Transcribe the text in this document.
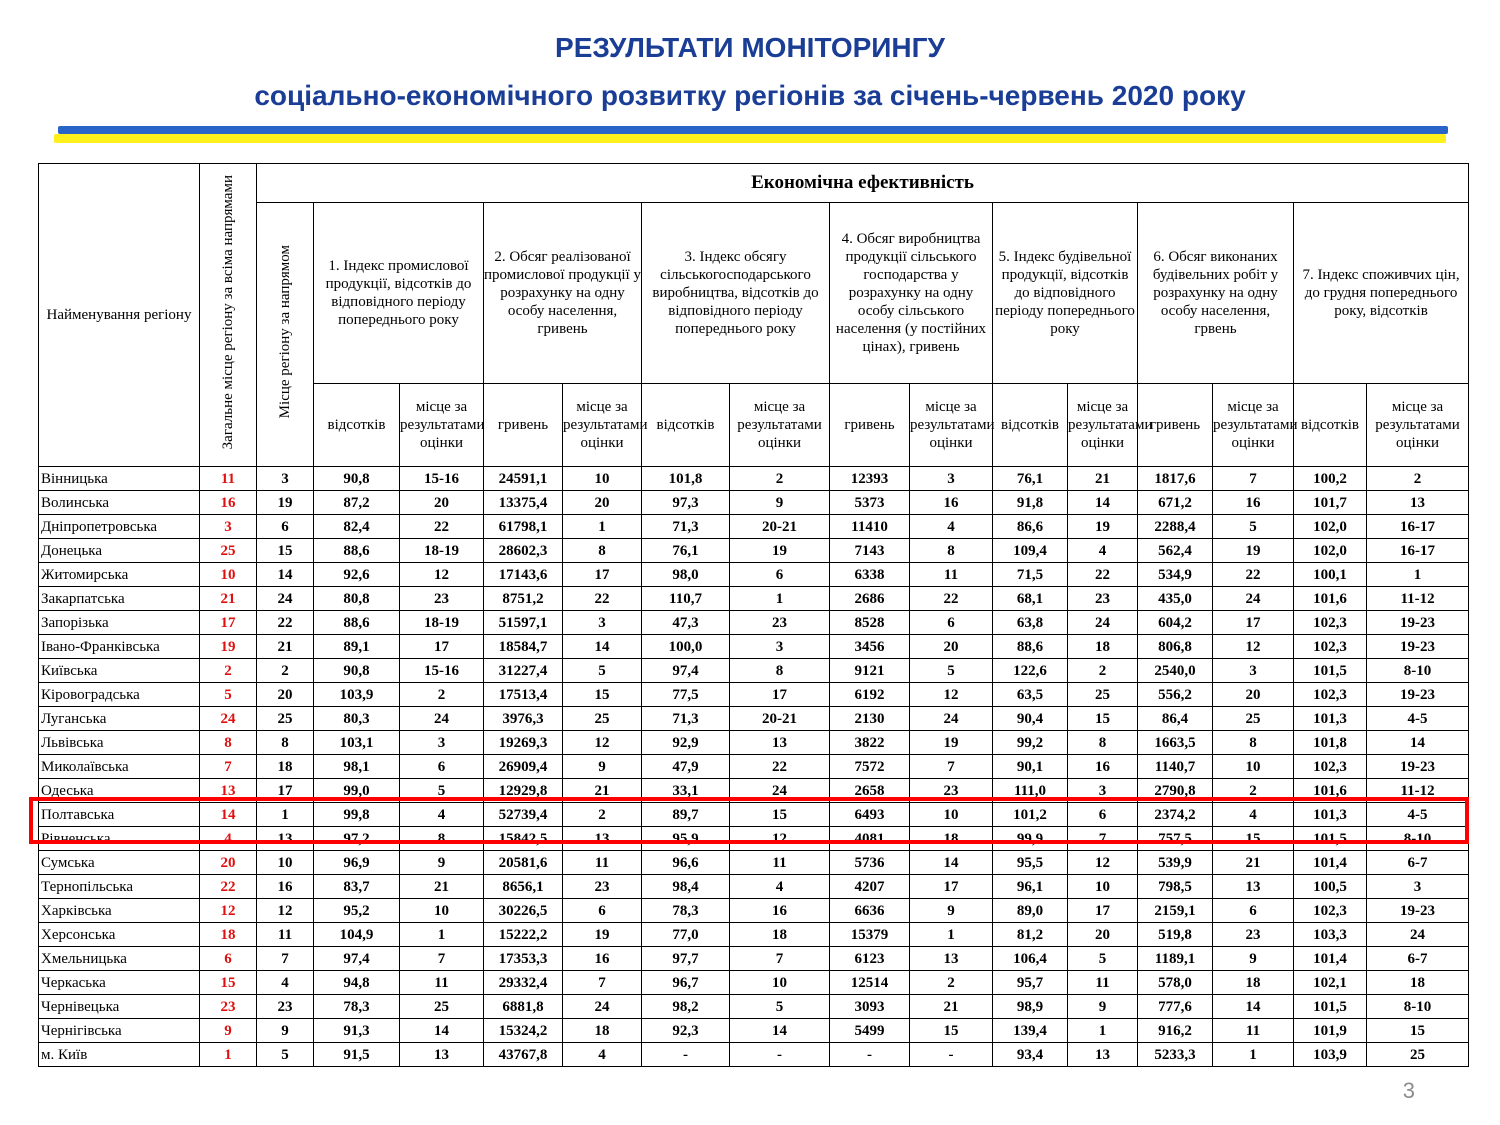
РЕЗУЛЬТАТИ МОНІТОРИНГУ
соціально-економічного розвитку регіонів за січень-червень 2020 року
Найменування регіону	Загальне місце регіону за всіма напрямами	Економічна ефективність														
		Місце регіону за напрямом	1. Індекс промислової продукції, відсотків до відповідного періоду попереднього року		2. Обсяг реалізованої промислової продукції у розрахунку на одну особу населення, гривень		3. Індекс обсягу сільськогосподарського виробництва, відсотків до відповідного періоду попереднього року		4. Обсяг виробництва продукції сільського господарства у розрахунку на одну особу сільського населення (у постійних цінах), гривень		5. Індекс будівельної продукції, відсотків до відповідного періоду попереднього року		6. Обсяг виконаних будівельних робіт у розрахунку на одну особу населення, грвень		7. Індекс споживчих цін, до грудня попереднього року, відсотків	
			відсотків	місце за результатами оцінки	гривень	місце за результатами оцінки	відсотків	місце за результатами оцінки	гривень	місце за результатами оцінки	відсотків	місце за результатами оцінки	гривень	місце за результатами оцінки	відсотків	місце за результатами оцінки
Вінницька	11	3	90,8	15-16	24591,1	10	101,8	2	12393	3	76,1	21	1817,6	7	100,2	2
Волинська	16	19	87,2	20	13375,4	20	97,3	9	5373	16	91,8	14	671,2	16	101,7	13
Дніпропетровська	3	6	82,4	22	61798,1	1	71,3	20-21	11410	4	86,6	19	2288,4	5	102,0	16-17
Донецька	25	15	88,6	18-19	28602,3	8	76,1	19	7143	8	109,4	4	562,4	19	102,0	16-17
Житомирська	10	14	92,6	12	17143,6	17	98,0	6	6338	11	71,5	22	534,9	22	100,1	1
Закарпатська	21	24	80,8	23	8751,2	22	110,7	1	2686	22	68,1	23	435,0	24	101,6	11-12
Запорізька	17	22	88,6	18-19	51597,1	3	47,3	23	8528	6	63,8	24	604,2	17	102,3	19-23
Івано-Франківська	19	21	89,1	17	18584,7	14	100,0	3	3456	20	88,6	18	806,8	12	102,3	19-23
Київська	2	2	90,8	15-16	31227,4	5	97,4	8	9121	5	122,6	2	2540,0	3	101,5	8-10
Кіровоградська	5	20	103,9	2	17513,4	15	77,5	17	6192	12	63,5	25	556,2	20	102,3	19-23
Луганська	24	25	80,3	24	3976,3	25	71,3	20-21	2130	24	90,4	15	86,4	25	101,3	4-5
Львівська	8	8	103,1	3	19269,3	12	92,9	13	3822	19	99,2	8	1663,5	8	101,8	14
Миколаївська	7	18	98,1	6	26909,4	9	47,9	22	7572	7	90,1	16	1140,7	10	102,3	19-23
Одеська	13	17	99,0	5	12929,8	21	33,1	24	2658	23	111,0	3	2790,8	2	101,6	11-12
Полтавська	14	1	99,8	4	52739,4	2	89,7	15	6493	10	101,2	6	2374,2	4	101,3	4-5
Рівненська	4	13	97,2	8	15842,5	13	95,9	12	4081	18	99,9	7	757,5	15	101,5	8-10
Сумська	20	10	96,9	9	20581,6	11	96,6	11	5736	14	95,5	12	539,9	21	101,4	6-7
Тернопільська	22	16	83,7	21	8656,1	23	98,4	4	4207	17	96,1	10	798,5	13	100,5	3
Харківська	12	12	95,2	10	30226,5	6	78,3	16	6636	9	89,0	17	2159,1	6	102,3	19-23
Херсонська	18	11	104,9	1	15222,2	19	77,0	18	15379	1	81,2	20	519,8	23	103,3	24
Хмельницька	6	7	97,4	7	17353,3	16	97,7	7	6123	13	106,4	5	1189,1	9	101,4	6-7
Черкаська	15	4	94,8	11	29332,4	7	96,7	10	12514	2	95,7	11	578,0	18	102,1	18
Чернівецька	23	23	78,3	25	6881,8	24	98,2	5	3093	21	98,9	9	777,6	14	101,5	8-10
Чернігівська	9	9	91,3	14	15324,2	18	92,3	14	5499	15	139,4	1	916,2	11	101,9	15
м. Київ	1	5	91,5	13	43767,8	4	-	-	-	-	93,4	13	5233,3	1	103,9	25
3
